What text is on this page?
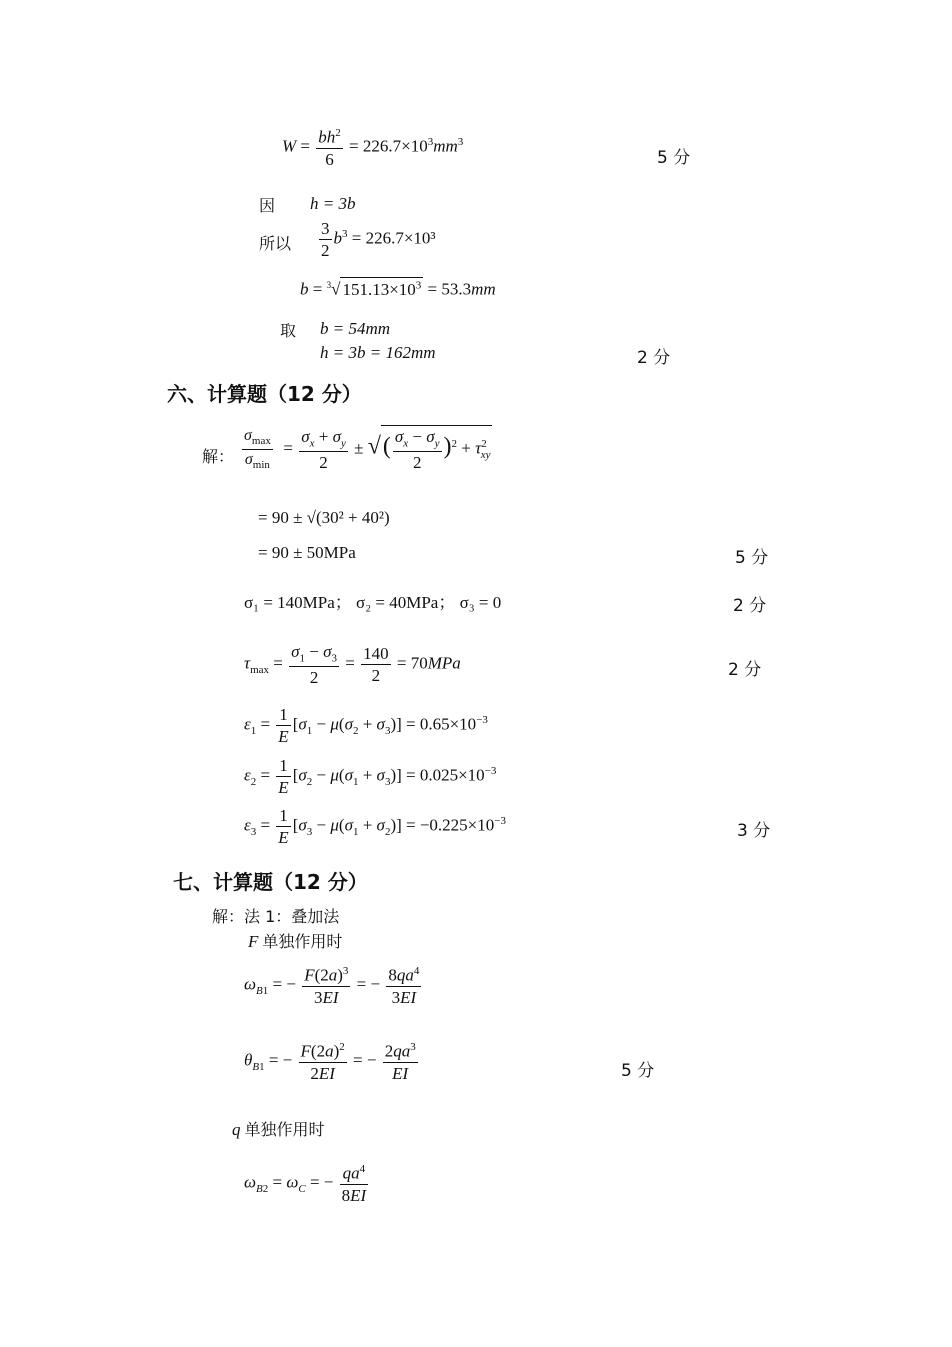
$W = \frac{bh^2}{6} = 226.7\times 10^3mm^3$
5 分
因 h = 3b
所以 $\frac{3}{2} b^3 = 226.7\times 10^3$
b = $^3$√ $151.13\times 10^3 = 53.3mm$
取 b = 54mm
h = 3b = 162mm	2 分
六、计算题（12 分）
解： $\frac{\sigma_{max}}{\sigma_{min}} = \frac{\sigma_x + \sigma_y}{2}$ ± √( $\frac{\sigma_x - \sigma_y}{2} )^2 + \tau^2_{xy}$
= 90 ± √(30² + 40²)
= 90 ± 50MPa	5 分
σ₁ = 140MPa； σ₂ = 40MPa； σ₃ = 0	2 分
$\tau_{max} = \frac{\sigma_1 - \sigma_3}{2} = \frac{140}{2} = 70MPa$	2 分
$\varepsilon_1 = \frac{1}{E} [\sigma_1 - \mu(\sigma_2 + \sigma_3)] = 0.65\times 10^{-3}$
$\varepsilon_2 = \frac{1}{E} [\sigma_2 - \mu(\sigma_1 + \sigma_3)] = 0.025\times 10^{-3}$
$\varepsilon_3 = \frac{1}{E} [\sigma_3 - \mu(\sigma_1 + \sigma_2)] = -0.225\times 10^{-3}$
3 分
七、计算题（12 分）
解：法 1：叠加法
F 单独作用时
$\omega_{B1}$ = − $\frac{F(2a)^3}{3EI}$ = − $\frac{8qa^4}{3EI}$
$\theta_{B1}$ = − $\frac{F(2a)^2}{2EI}$ = − $\frac{2qa^3}{EI}$	5 分
q 单独作用时
$\omega_{B2} = \omega_C$ = − $\frac{qa^4}{8EI}$
